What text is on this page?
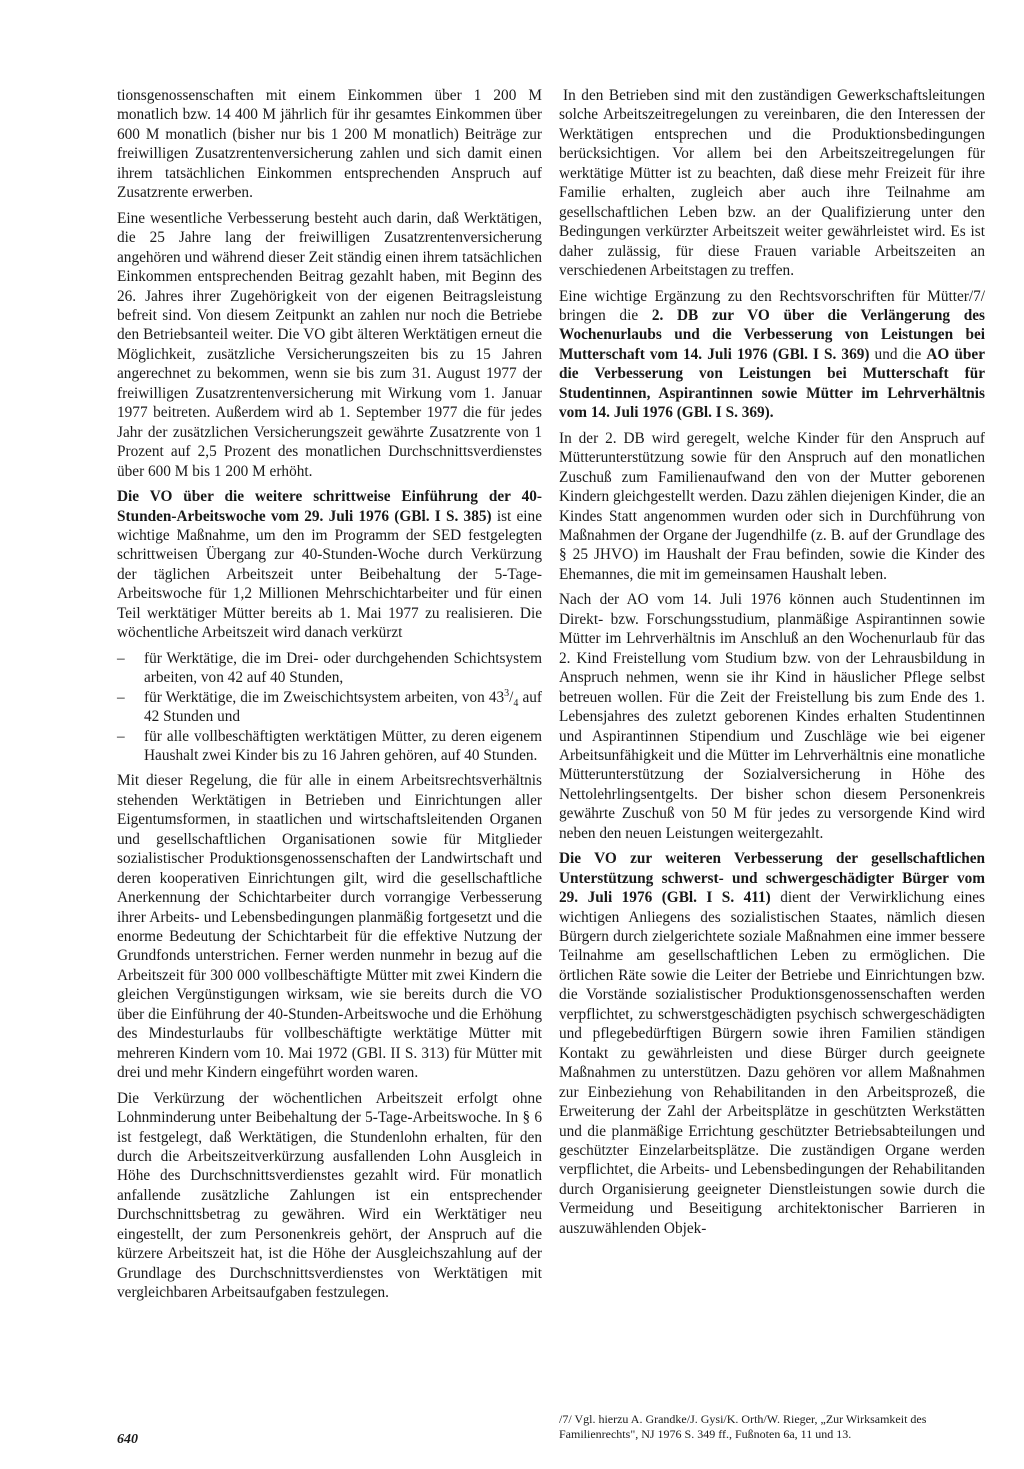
tionsgenossenschaften mit einem Einkommen über 1 200 M monatlich bzw. 14 400 M jährlich für ihr gesamtes Einkommen über 600 M monatlich (bisher nur bis 1 200 M monatlich) Beiträge zur freiwilligen Zusatzrentenversicherung zahlen und sich damit einen ihrem tatsächlichen Einkommen entsprechenden Anspruch auf Zusatzrente erwerben.

Eine wesentliche Verbesserung besteht auch darin, daß Werktätigen, die 25 Jahre lang der freiwilligen Zusatzrentenversicherung angehören und während dieser Zeit ständig einen ihrem tatsächlichen Einkommen entsprechenden Beitrag gezahlt haben, mit Beginn des 26. Jahres ihrer Zugehörigkeit von der eigenen Beitragsleistung befreit sind. Von diesem Zeitpunkt an zahlen nur noch die Betriebe den Betriebsanteil weiter. Die VO gibt älteren Werktätigen erneut die Möglichkeit, zusätzliche Versicherungszeiten bis zu 15 Jahren angerechnet zu bekommen, wenn sie bis zum 31. August 1977 der freiwilligen Zusatzrentenversicherung mit Wirkung vom 1. Januar 1977 beitreten. Außerdem wird ab 1. September 1977 die für jedes Jahr der zusätzlichen Versicherungszeit gewährte Zusatzrente von 1 Prozent auf 2,5 Prozent des monatlichen Durchschnittsverdienstes über 600 M bis 1 200 M erhöht.

Die VO über die weitere schrittweise Einführung der 40-Stunden-Arbeitswoche vom 29. Juli 1976 (GBl. I S. 385) ist eine wichtige Maßnahme, um den im Programm der SED festgelegten schrittweisen Übergang zur 40-Stunden-Woche durch Verkürzung der täglichen Arbeitszeit unter Beibehaltung der 5-Tage-Arbeitswoche für 1,2 Millionen Mehrschichtarbeiter und für einen Teil werktätiger Mütter bereits ab 1. Mai 1977 zu realisieren. Die wöchentliche Arbeitszeit wird danach verkürzt

– für Werktätige, die im Drei- oder durchgehenden Schichtsystem arbeiten, von 42 auf 40 Stunden,
– für Werktätige, die im Zweischichtsystem arbeiten, von $43^3/_4$ auf 42 Stunden und
– für alle vollbeschäftigten werktätigen Mütter, zu deren eigenem Haushalt zwei Kinder bis zu 16 Jahren gehören, auf 40 Stunden.

Mit dieser Regelung, die für alle in einem Arbeitsrechtsverhältnis stehenden Werktätigen in Betrieben und Einrichtungen aller Eigentumsformen, in staatlichen und wirtschaftsleitenden Organen und gesellschaftlichen Organisationen sowie für Mitglieder sozialistischer Produktionsgenossenschaften der Landwirtschaft und deren kooperativen Einrichtungen gilt, wird die gesellschaftliche Anerkennung der Schichtarbeiter durch vorrangige Verbesserung ihrer Arbeits- und Lebensbedingungen planmäßig fortgesetzt und die enorme Bedeutung der Schichtarbeit für die effektive Nutzung der Grundfonds unterstrichen. Ferner werden nunmehr in bezug auf die Arbeitszeit für 300 000 vollbeschäftigte Mütter mit zwei Kindern die gleichen Vergünstigungen wirksam, wie sie bereits durch die VO über die Einführung der 40-Stunden-Arbeitswoche und die Erhöhung des Mindesturlaubs für vollbeschäftigte werktätige Mütter mit mehreren Kindern vom 10. Mai 1972 (GBl. II S. 313) für Mütter mit drei und mehr Kindern eingeführt worden waren.

Die Verkürzung der wöchentlichen Arbeitszeit erfolgt ohne Lohnminderung unter Beibehaltung der 5-Tage-Arbeitswoche. In § 6 ist festgelegt, daß Werktätigen, die Stundenlohn erhalten, für den durch die Arbeitszeitverkürzung ausfallenden Lohn Ausgleich in Höhe des Durchschnittsverdienstes gezahlt wird. Für monatlich anfallende zusätzliche Zahlungen ist ein entsprechender Durchschnittsbetrag zu gewähren. Wird ein Werktätiger neu eingestellt, der zum Personenkreis gehört, der Anspruch auf die kürzere Arbeitszeit hat, ist die Höhe der Ausgleichszahlung auf der Grundlage des Durchschnittsverdienstes von Werktätigen mit vergleichbaren Arbeitsaufgaben festzulegen.

In den Betrieben sind mit den zuständigen Gewerkschaftsleitungen solche Arbeitszeitregelungen zu vereinbaren, die den Interessen der Werktätigen entsprechen und die Produktionsbedingungen berücksichtigen. Vor allem bei den Arbeitszeitregelungen für werktätige Mütter ist zu beachten, daß diese mehr Freizeit für ihre Familie erhalten, zugleich aber auch ihre Teilnahme am gesellschaftlichen Leben bzw. an der Qualifizierung unter den Bedingungen verkürzter Arbeitszeit weiter gewährleistet wird. Es ist daher zulässig, für diese Frauen variable Arbeitszeiten an verschiedenen Arbeitstagen zu treffen.

Eine wichtige Ergänzung zu den Rechtsvorschriften für Mütter/7/ bringen die 2. DB zur VO über die Verlängerung des Wochenurlaubs und die Verbesserung von Leistungen bei Mutterschaft vom 14. Juli 1976 (GBl. I S. 369) und die AO über die Verbesserung von Leistungen bei Mutterschaft für Studentinnen, Aspirantinnen sowie Mütter im Lehrverhältnis vom 14. Juli 1976 (GBl. I S. 369).

In der 2. DB wird geregelt, welche Kinder für den Anspruch auf Mütterunterstützung sowie für den Anspruch auf den monatlichen Zuschuß zum Familienaufwand den von der Mutter geborenen Kindern gleichgestellt werden. Dazu zählen diejenigen Kinder, die an Kindes Statt angenommen wurden oder sich in Durchführung von Maßnahmen der Organe der Jugendhilfe (z. B. auf der Grundlage des § 25 JHVO) im Haushalt der Frau befinden, sowie die Kinder des Ehemannes, die mit im gemeinsamen Haushalt leben.

Nach der AO vom 14. Juli 1976 können auch Studentinnen im Direkt- bzw. Forschungsstudium, planmäßige Aspirantinnen sowie Mütter im Lehrverhältnis im Anschluß an den Wochenurlaub für das 2. Kind Freistellung vom Studium bzw. von der Lehrausbildung in Anspruch nehmen, wenn sie ihr Kind in häuslicher Pflege selbst betreuen wollen. Für die Zeit der Freistellung bis zum Ende des 1. Lebensjahres des zuletzt geborenen Kindes erhalten Studentinnen und Aspirantinnen Stipendium und Zuschläge wie bei eigener Arbeitsunfähigkeit und die Mütter im Lehrverhältnis eine monatliche Mütterunterstützung der Sozialversicherung in Höhe des Nettolehrlingsentgelts. Der bisher schon diesem Personenkreis gewährte Zuschuß von 50 M für jedes zu versorgende Kind wird neben den neuen Leistungen weitergezahlt.

Die VO zur weiteren Verbesserung der gesellschaftlichen Unterstützung schwerst- und schwergeschädigter Bürger vom 29. Juli 1976 (GBl. I S. 411) dient der Verwirklichung eines wichtigen Anliegens des sozialistischen Staates, nämlich diesen Bürgern durch zielgerichtete soziale Maßnahmen eine immer bessere Teilnahme am gesellschaftlichen Leben zu ermöglichen. Die örtlichen Räte sowie die Leiter der Betriebe und Einrichtungen bzw. die Vorstände sozialistischer Produktionsgenossenschaften werden verpflichtet, zu schwerstgeschädigten psychisch schwergeschädigten und pflegebedürftigen Bürgern sowie ihren Familien ständigen Kontakt zu gewährleisten und diese Bürger durch geeignete Maßnahmen zu unterstützen. Dazu gehören vor allem Maßnahmen zur Einbeziehung von Rehabilitanden in den Arbeitsprozeß, die Erweiterung der Zahl der Arbeitsplätze in geschützten Werkstätten und die planmäßige Errichtung geschützter Betriebsabteilungen und geschützter Einzelarbeitsplätze. Die zuständigen Organe werden verpflichtet, die Arbeits- und Lebensbedingungen der Rehabilitanden durch Organisierung geeigneter Dienstleistungen sowie durch die Vermeidung und Beseitigung architektonischer Barrieren in auszuwählenden Objek-

/7/ Vgl. hierzu A. Grandke/J. Gysi/K. Orth/W. Rieger, „Zur Wirksamkeit des Familienrechts", NJ 1976 S. 349 ff., Fußnoten 6a, 11 und 13.
640
